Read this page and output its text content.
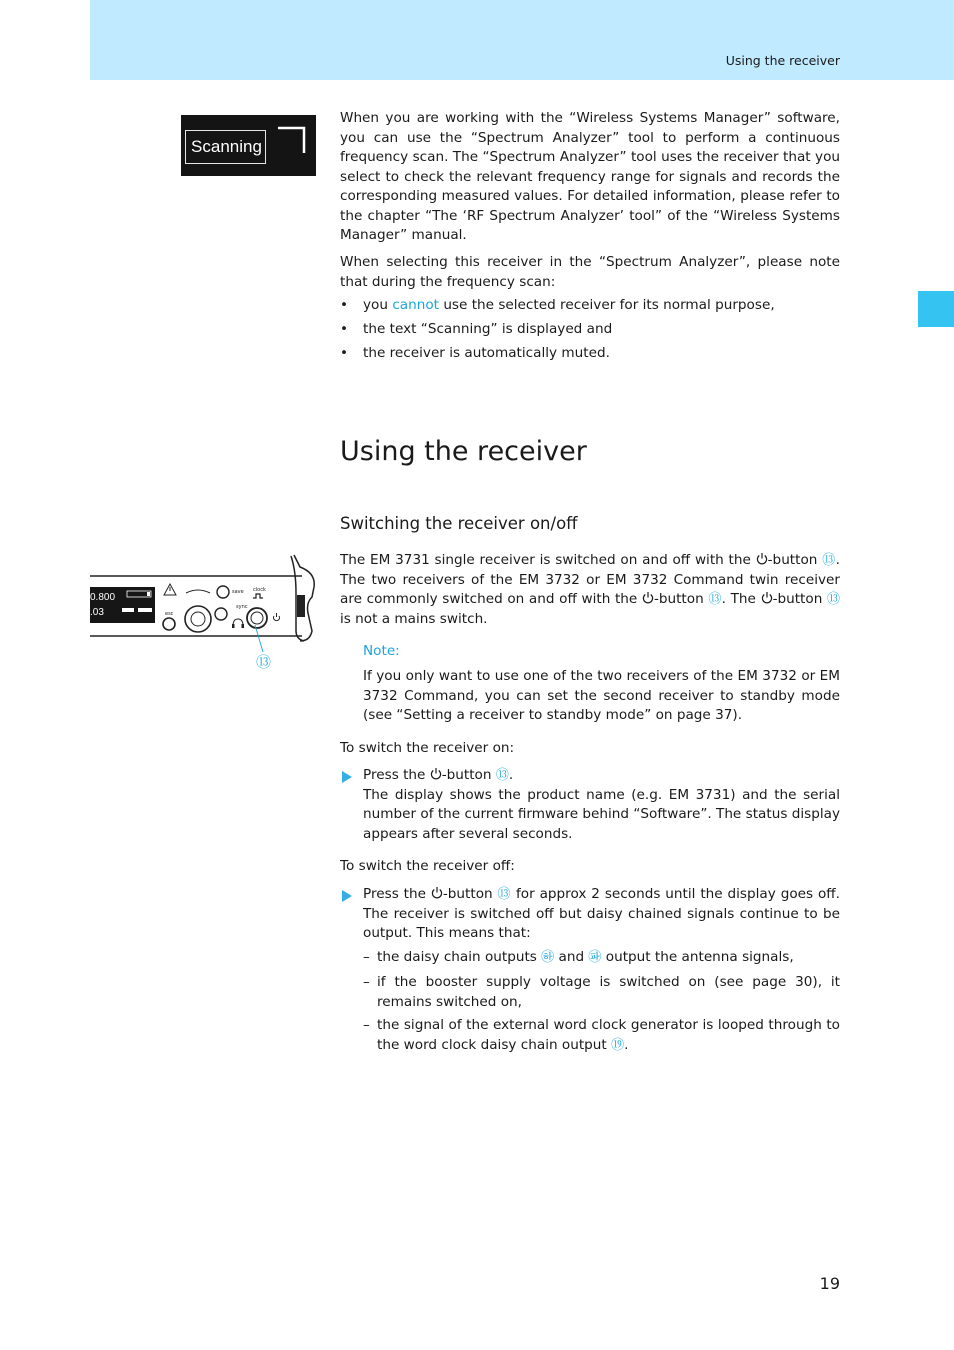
Using the receiver
Scanning
When you are working with the “Wireless Systems Manager” software, you can use the “Spectrum Analyzer” tool to perform a continuous frequency scan. The “Spectrum Analyzer” tool uses the receiver that you select to check the relevant frequency range for signals and records the corresponding measured values. For detailed information, please refer to the chapter “The ‘RF Spectrum Analyzer’ tool” of the “Wireless Systems Manager” manual.
When selecting this receiver in the “Spectrum Analyzer”, please note that during the frequency scan:
• you cannot use the selected receiver for its normal purpose,
• the text “Scanning” is displayed and
• the receiver is automatically muted.
Using the receiver
Switching the receiver on/off
0.800
.03	esc
save clock
sync
⑬
The EM 3731 single receiver is switched on and off with the -button ⑬. The two receivers of the EM 3732 or EM 3732 Command twin receiver are commonly switched on and off with the -button ⑬. The -button ⑬ is not a mains switch.
Note:
If you only want to use one of the two receivers of the EM 3732 or EM 3732 Command, you can set the second receiver to standby mode (see “Setting a receiver to standby mode” on page 37).
To switch the receiver on:
Press the -button ⑬.
The display shows the product name (e.g. EM 3731) and the serial number of the current firmware behind “Software”. The status display appears after several seconds.
To switch the receiver off:
Press the -button ⑬ for approx 2 seconds until the display goes off. The receiver is switched off but daisy chained signals continue to be output. This means that:
– the daisy chain outputs ㉻ and ㉺ output the antenna signals,
– if the booster supply voltage is switched on (see page 30), it remains switched on,
– the signal of the external word clock generator is looped through to the word clock daisy chain output ⑲.
19
